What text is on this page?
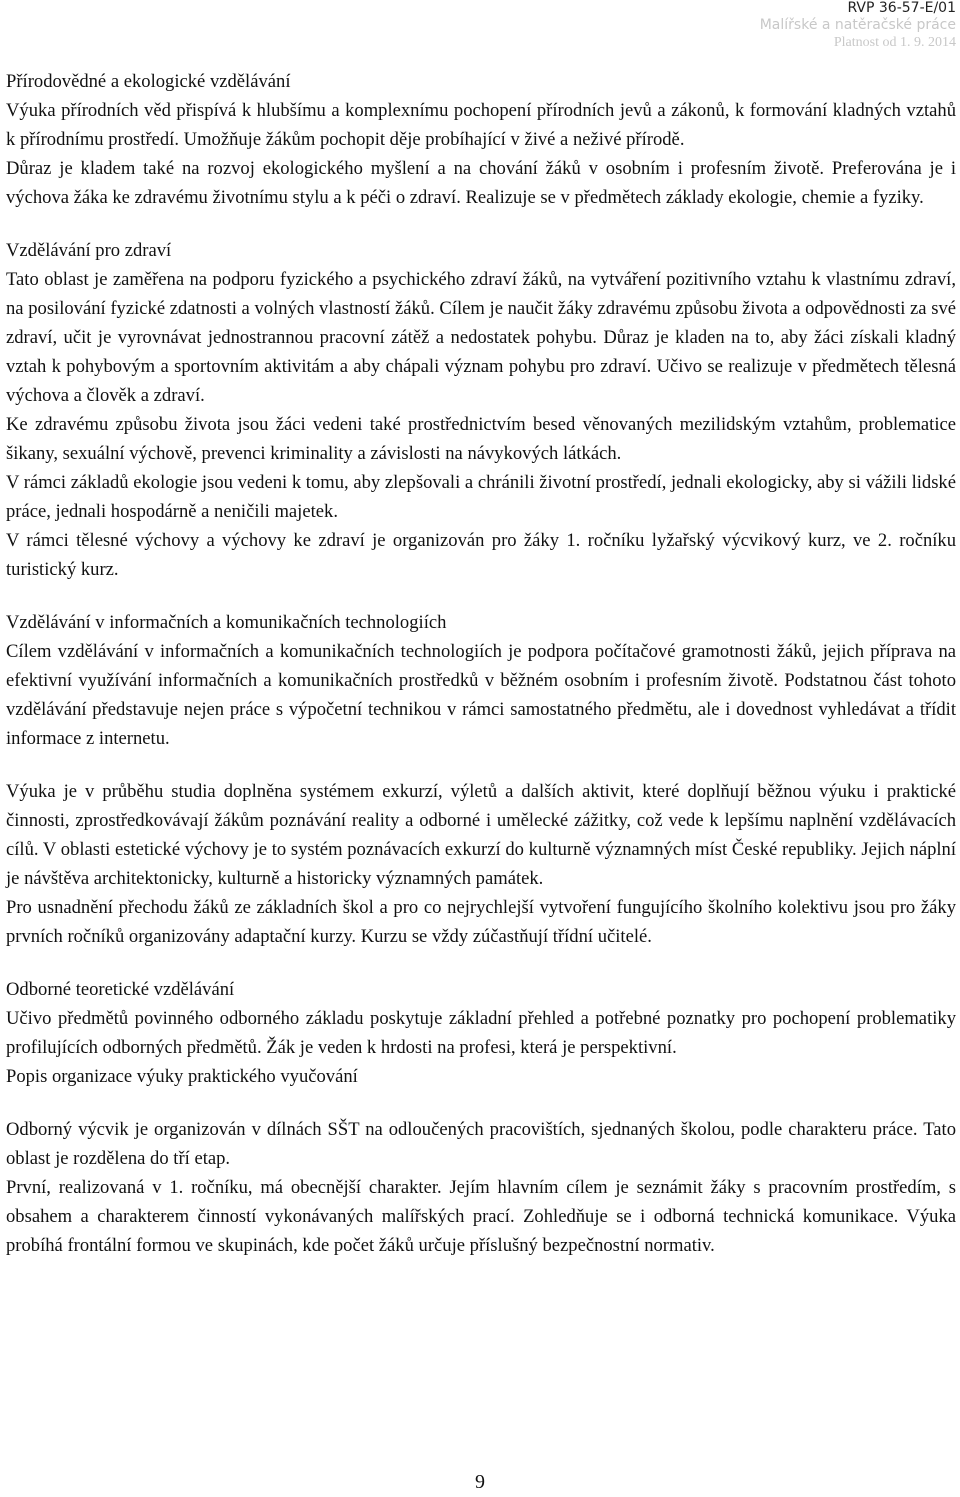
RVP 36-57-E/01
Malířské a natěračské práce
Platnost od 1. 9. 2014

Přírodovědné a ekologické vzdělávání

Výuka přírodních věd přispívá k hlubšímu a komplexnímu pochopení přírodních jevů a zákonů, k formování kladných vztahů k přírodnímu prostředí. Umožňuje žákům pochopit děje probíhající v živé a neživé přírodě.

Důraz je kladem také na rozvoj ekologického myšlení a na chování žáků v osobním i profesním životě. Preferována je i výchova žáka ke zdravému životnímu stylu a k péči o zdraví. Realizuje se v předmětech základy ekologie, chemie a fyziky.

Vzdělávání pro zdraví

Tato oblast je zaměřena na podporu fyzického a psychického zdraví žáků, na vytváření pozitivního vztahu k vlastnímu zdraví, na posilování fyzické zdatnosti a volných vlastností žáků. Cílem je naučit žáky zdravému způsobu života a odpovědnosti za své zdraví, učit je vyrovnávat jednostrannou pracovní zátěž a nedostatek pohybu. Důraz je kladen na to, aby žáci získali kladný vztah k pohybovým a sportovním aktivitám a aby chápali význam pohybu pro zdraví. Učivo se realizuje v předmětech tělesná výchova a člověk a zdraví.

Ke zdravému způsobu života jsou žáci vedeni také prostřednictvím besed věnovaných mezilidským vztahům, problematice šikany, sexuální výchově, prevenci kriminality a závislosti na návykových látkách.

V rámci základů ekologie jsou vedeni k tomu, aby zlepšovali a chránili životní prostředí, jednali ekologicky, aby si vážili lidské práce, jednali hospodárně a neničili majetek.

V rámci tělesné výchovy a výchovy ke zdraví je organizován pro žáky 1. ročníku lyžařský výcvikový kurz, ve 2. ročníku turistický kurz.

Vzdělávání v informačních a komunikačních technologiích

Cílem vzdělávání v informačních a komunikačních technologiích je podpora počítačové gramotnosti žáků, jejich příprava na efektivní využívání informačních a komunikačních prostředků v běžném osobním i profesním životě. Podstatnou část tohoto vzdělávání představuje nejen práce s výpočetní technikou v rámci samostatného předmětu, ale i dovednost vyhledávat a třídit informace z internetu.

Výuka je v průběhu studia doplněna systémem exkurzí, výletů a dalších aktivit, které doplňují běžnou výuku i praktické činnosti, zprostředkovávají žákům poznávání reality a odborné i umělecké zážitky, což vede k lepšímu naplnění vzdělávacích cílů. V oblasti estetické výchovy je to systém poznávacích exkurzí do kulturně významných míst České republiky. Jejich náplní je návštěva architektonicky, kulturně a historicky významných památek.

Pro usnadnění přechodu žáků ze základních škol a pro co nejrychlejší vytvoření fungujícího školního kolektivu jsou pro žáky prvních ročníků organizovány adaptační kurzy. Kurzu se vždy zúčastňují třídní učitelé.

Odborné teoretické vzdělávání

Učivo předmětů povinného odborného základu poskytuje základní přehled a potřebné poznatky pro pochopení problematiky profilujících odborných předmětů. Žák je veden k hrdosti na profesi, která je perspektivní.

Popis organizace výuky praktického vyučování

Odborný výcvik je organizován v dílnách SŠT na odloučených pracovištích, sjednaných školou, podle charakteru práce. Tato oblast je rozdělena do tří etap.

První, realizovaná v 1. ročníku, má obecnější charakter. Jejím hlavním cílem je seznámit žáky s pracovním prostředím, s obsahem a charakterem činností vykonávaných malířských prací. Zohledňuje se i odborná technická komunikace. Výuka probíhá frontální formou ve skupinách, kde počet žáků určuje příslušný bezpečnostní normativ.

9
